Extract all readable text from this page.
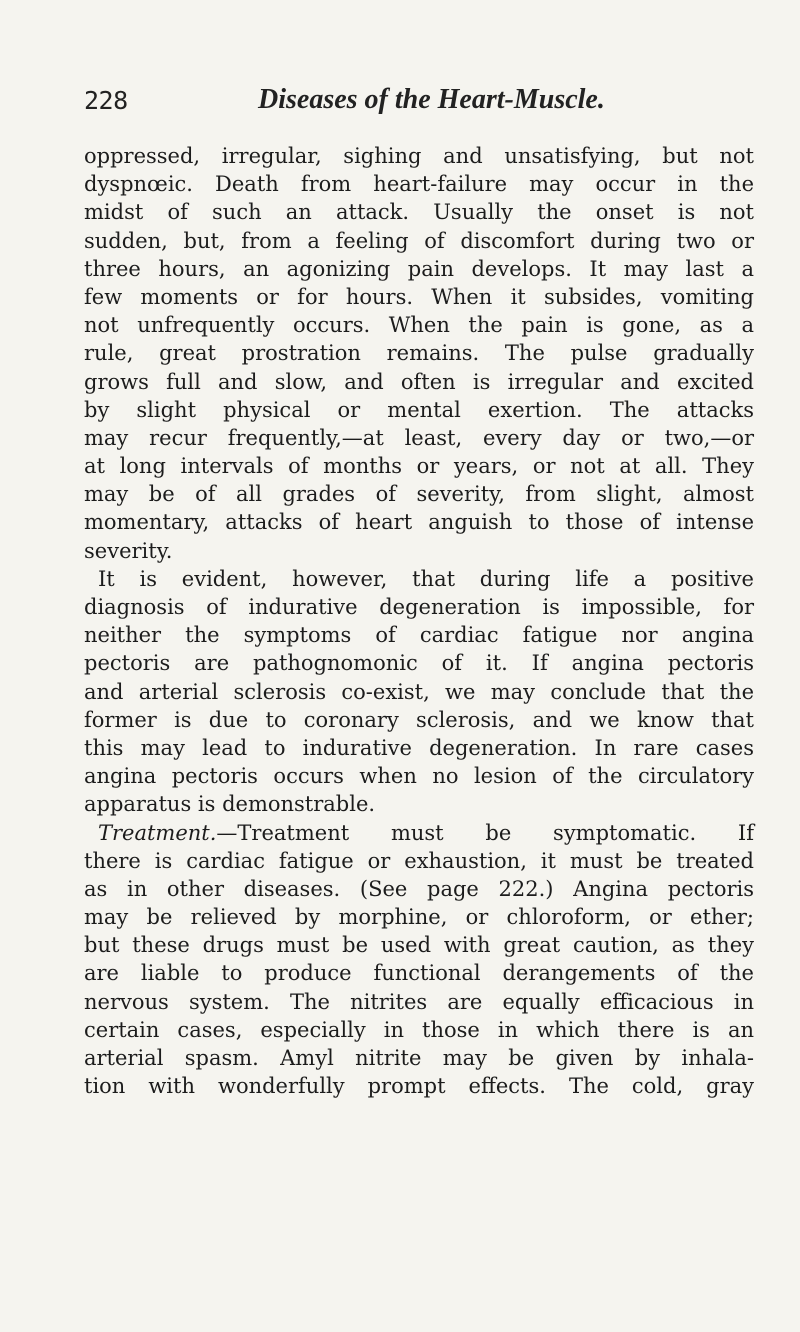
228	Diseases of the Heart-Muscle.
oppressed, irregular, sighing and unsatisfying, but not
dyspnœic. Death from heart-failure may occur in the
midst of such an attack. Usually the onset is not
sudden, but, from a feeling of discomfort during two or
three hours, an agonizing pain develops. It may last a
few moments or for hours. When it subsides, vomiting
not unfrequently occurs. When the pain is gone, as a
rule, great prostration remains. The pulse gradually
grows full and slow, and often is irregular and excited
by slight physical or mental exertion. The attacks
may recur frequently,—at least, every day or two,—or
at long intervals of months or years, or not at all. They
may be of all grades of severity, from slight, almost
momentary, attacks of heart anguish to those of intense
severity.
It is evident, however, that during life a positive
diagnosis of indurative degeneration is impossible, for
neither the symptoms of cardiac fatigue nor angina
pectoris are pathognomonic of it. If angina pectoris
and arterial sclerosis co-exist, we may conclude that the
former is due to coronary sclerosis, and we know that
this may lead to indurative degeneration. In rare cases
angina pectoris occurs when no lesion of the circulatory
apparatus is demonstrable.
Treatment.—Treatment must be symptomatic. If
there is cardiac fatigue or exhaustion, it must be treated
as in other diseases. (See page 222.) Angina pectoris
may be relieved by morphine, or chloroform, or ether;
but these drugs must be used with great caution, as they
are liable to produce functional derangements of the
nervous system. The nitrites are equally efficacious in
certain cases, especially in those in which there is an
arterial spasm. Amyl nitrite may be given by inhala-
tion with wonderfully prompt effects. The cold, gray
